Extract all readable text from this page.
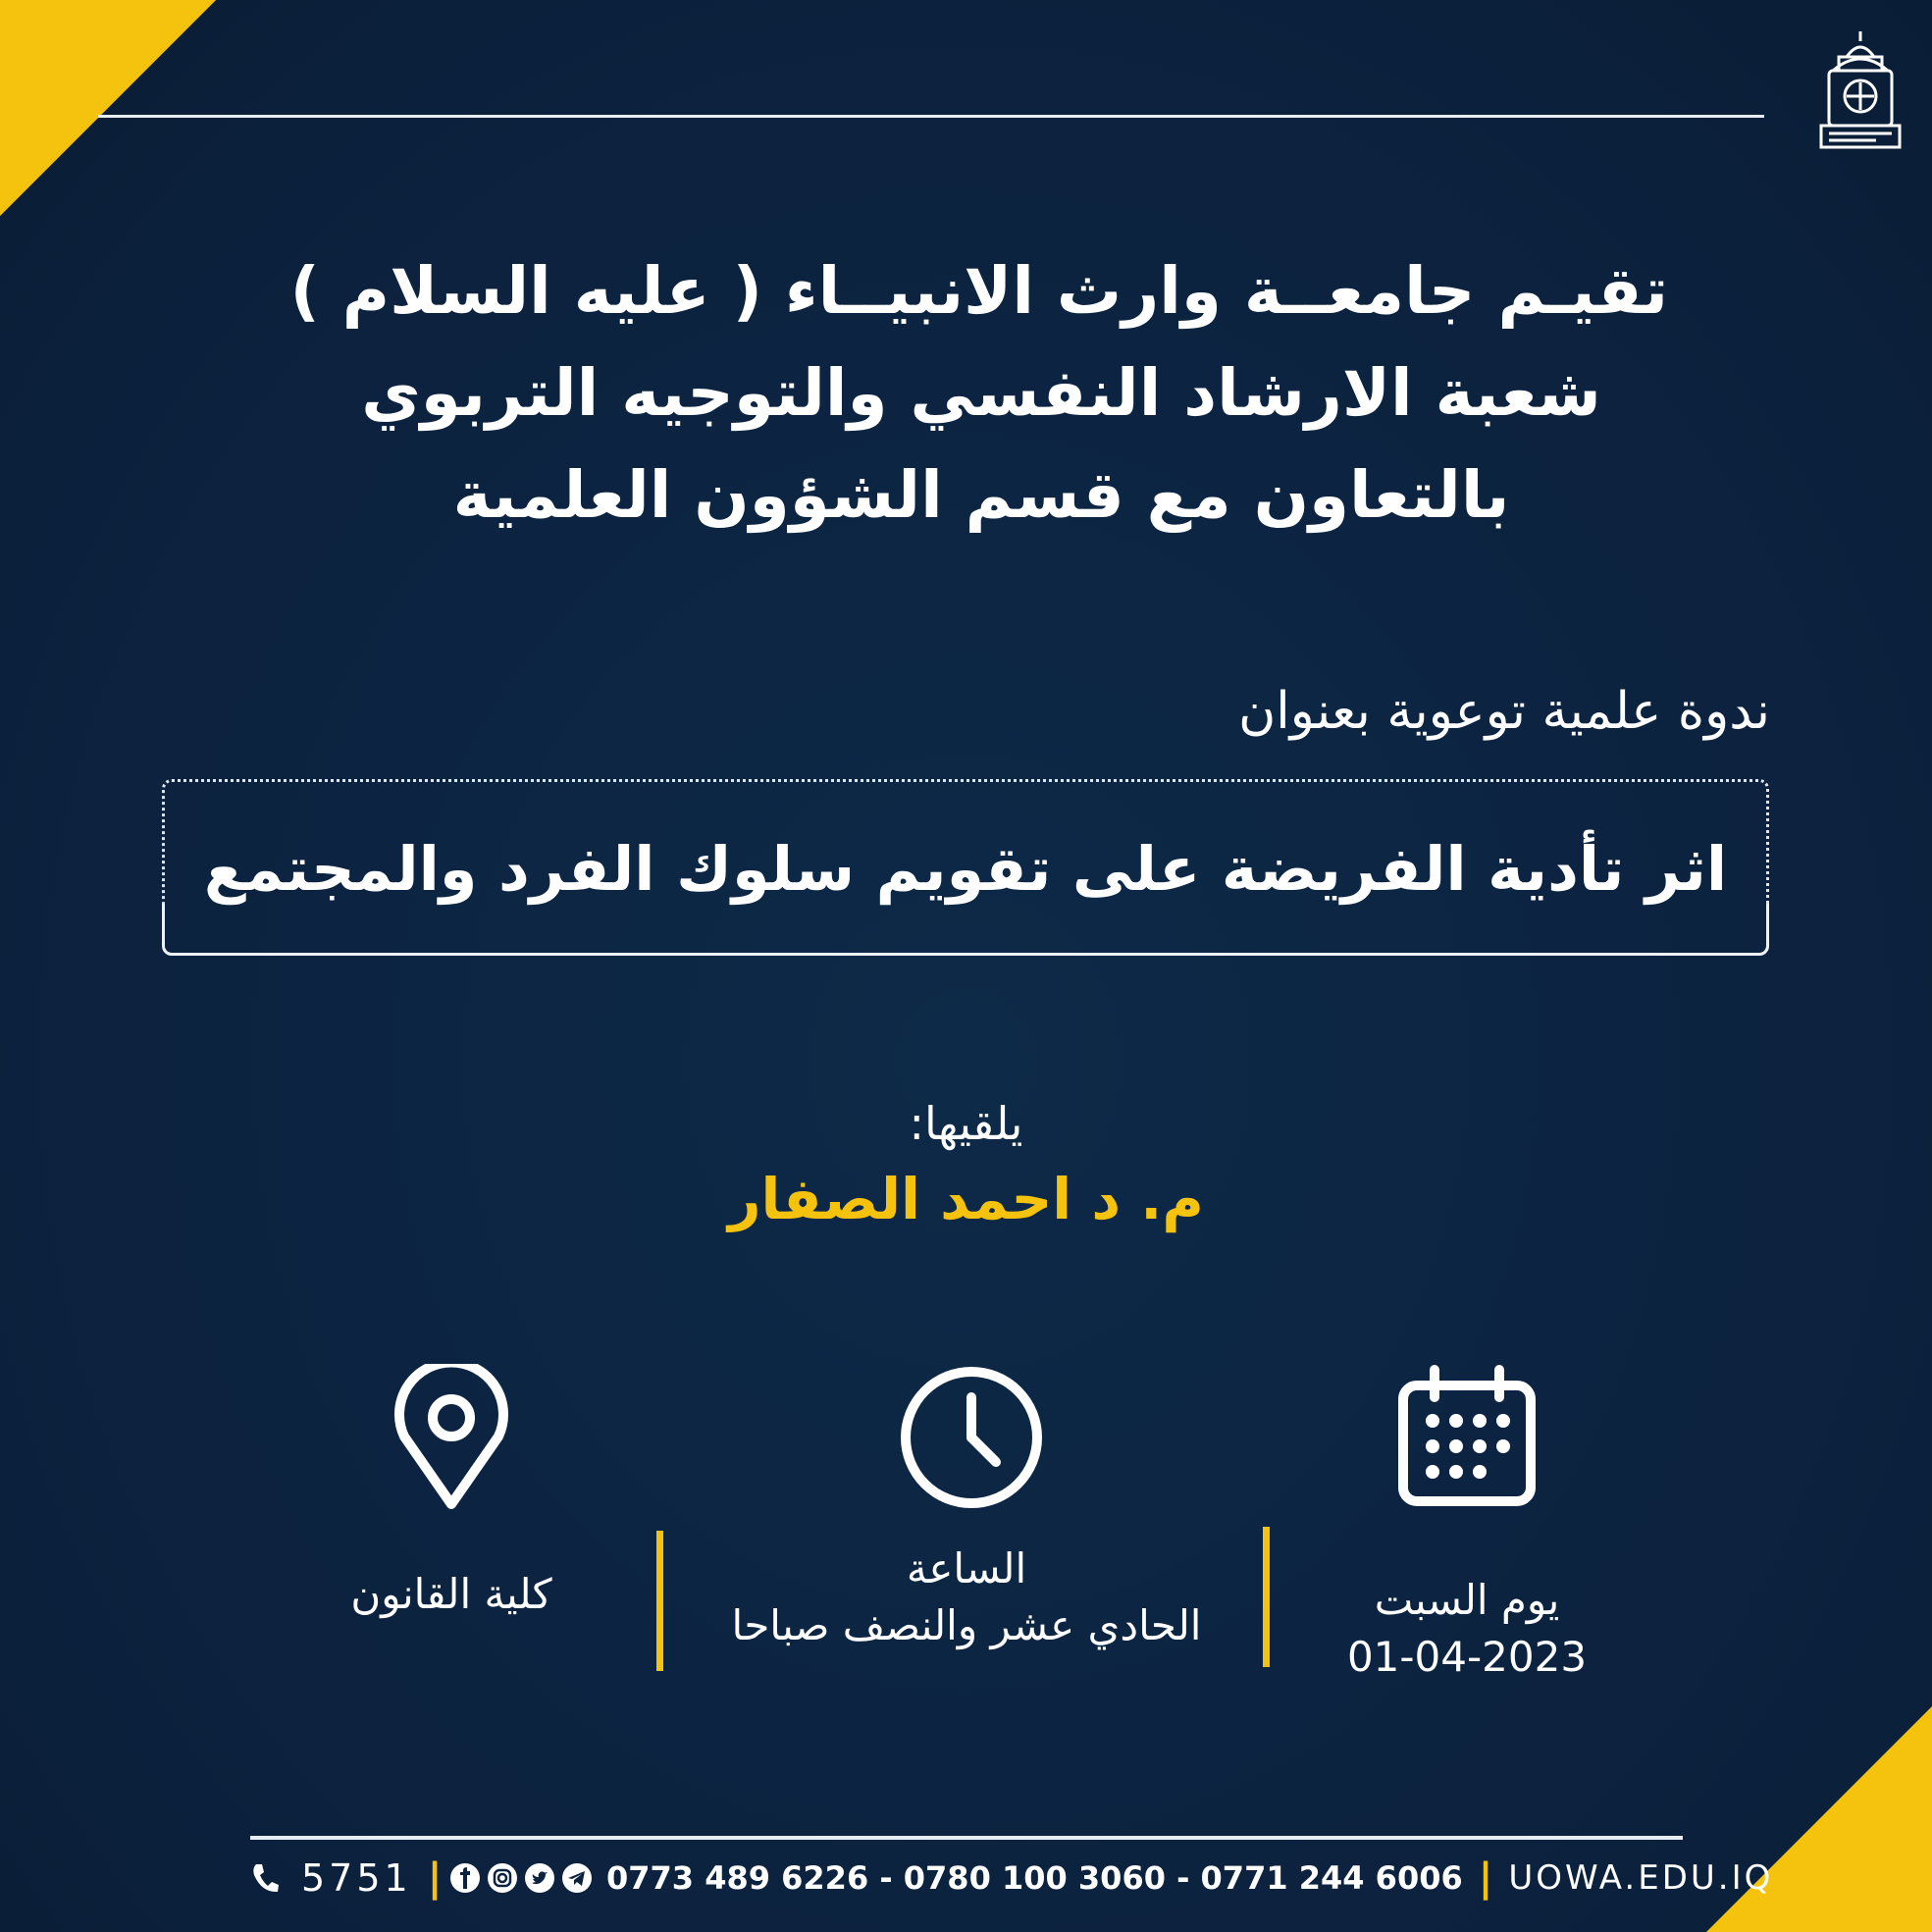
تقيـم جامعــة وارث الانبيــاء ( عليه السلام )
شعبة الارشاد النفسي والتوجيه التربوي
بالتعاون مع قسم الشؤون العلمية
ندوة علمية توعوية بعنوان
اثر تأدية الفريضة على تقويم سلوك الفرد والمجتمع
يلقيها:
م. د احمد الصفار
يوم السبت
01-04-2023
الساعة
الحادي عشر والنصف صباحا
كلية القانون
5751 |	0773 489 6226 - 0780 100 3060 - 0771 244 6006 | UOWA.EDU.IQ
